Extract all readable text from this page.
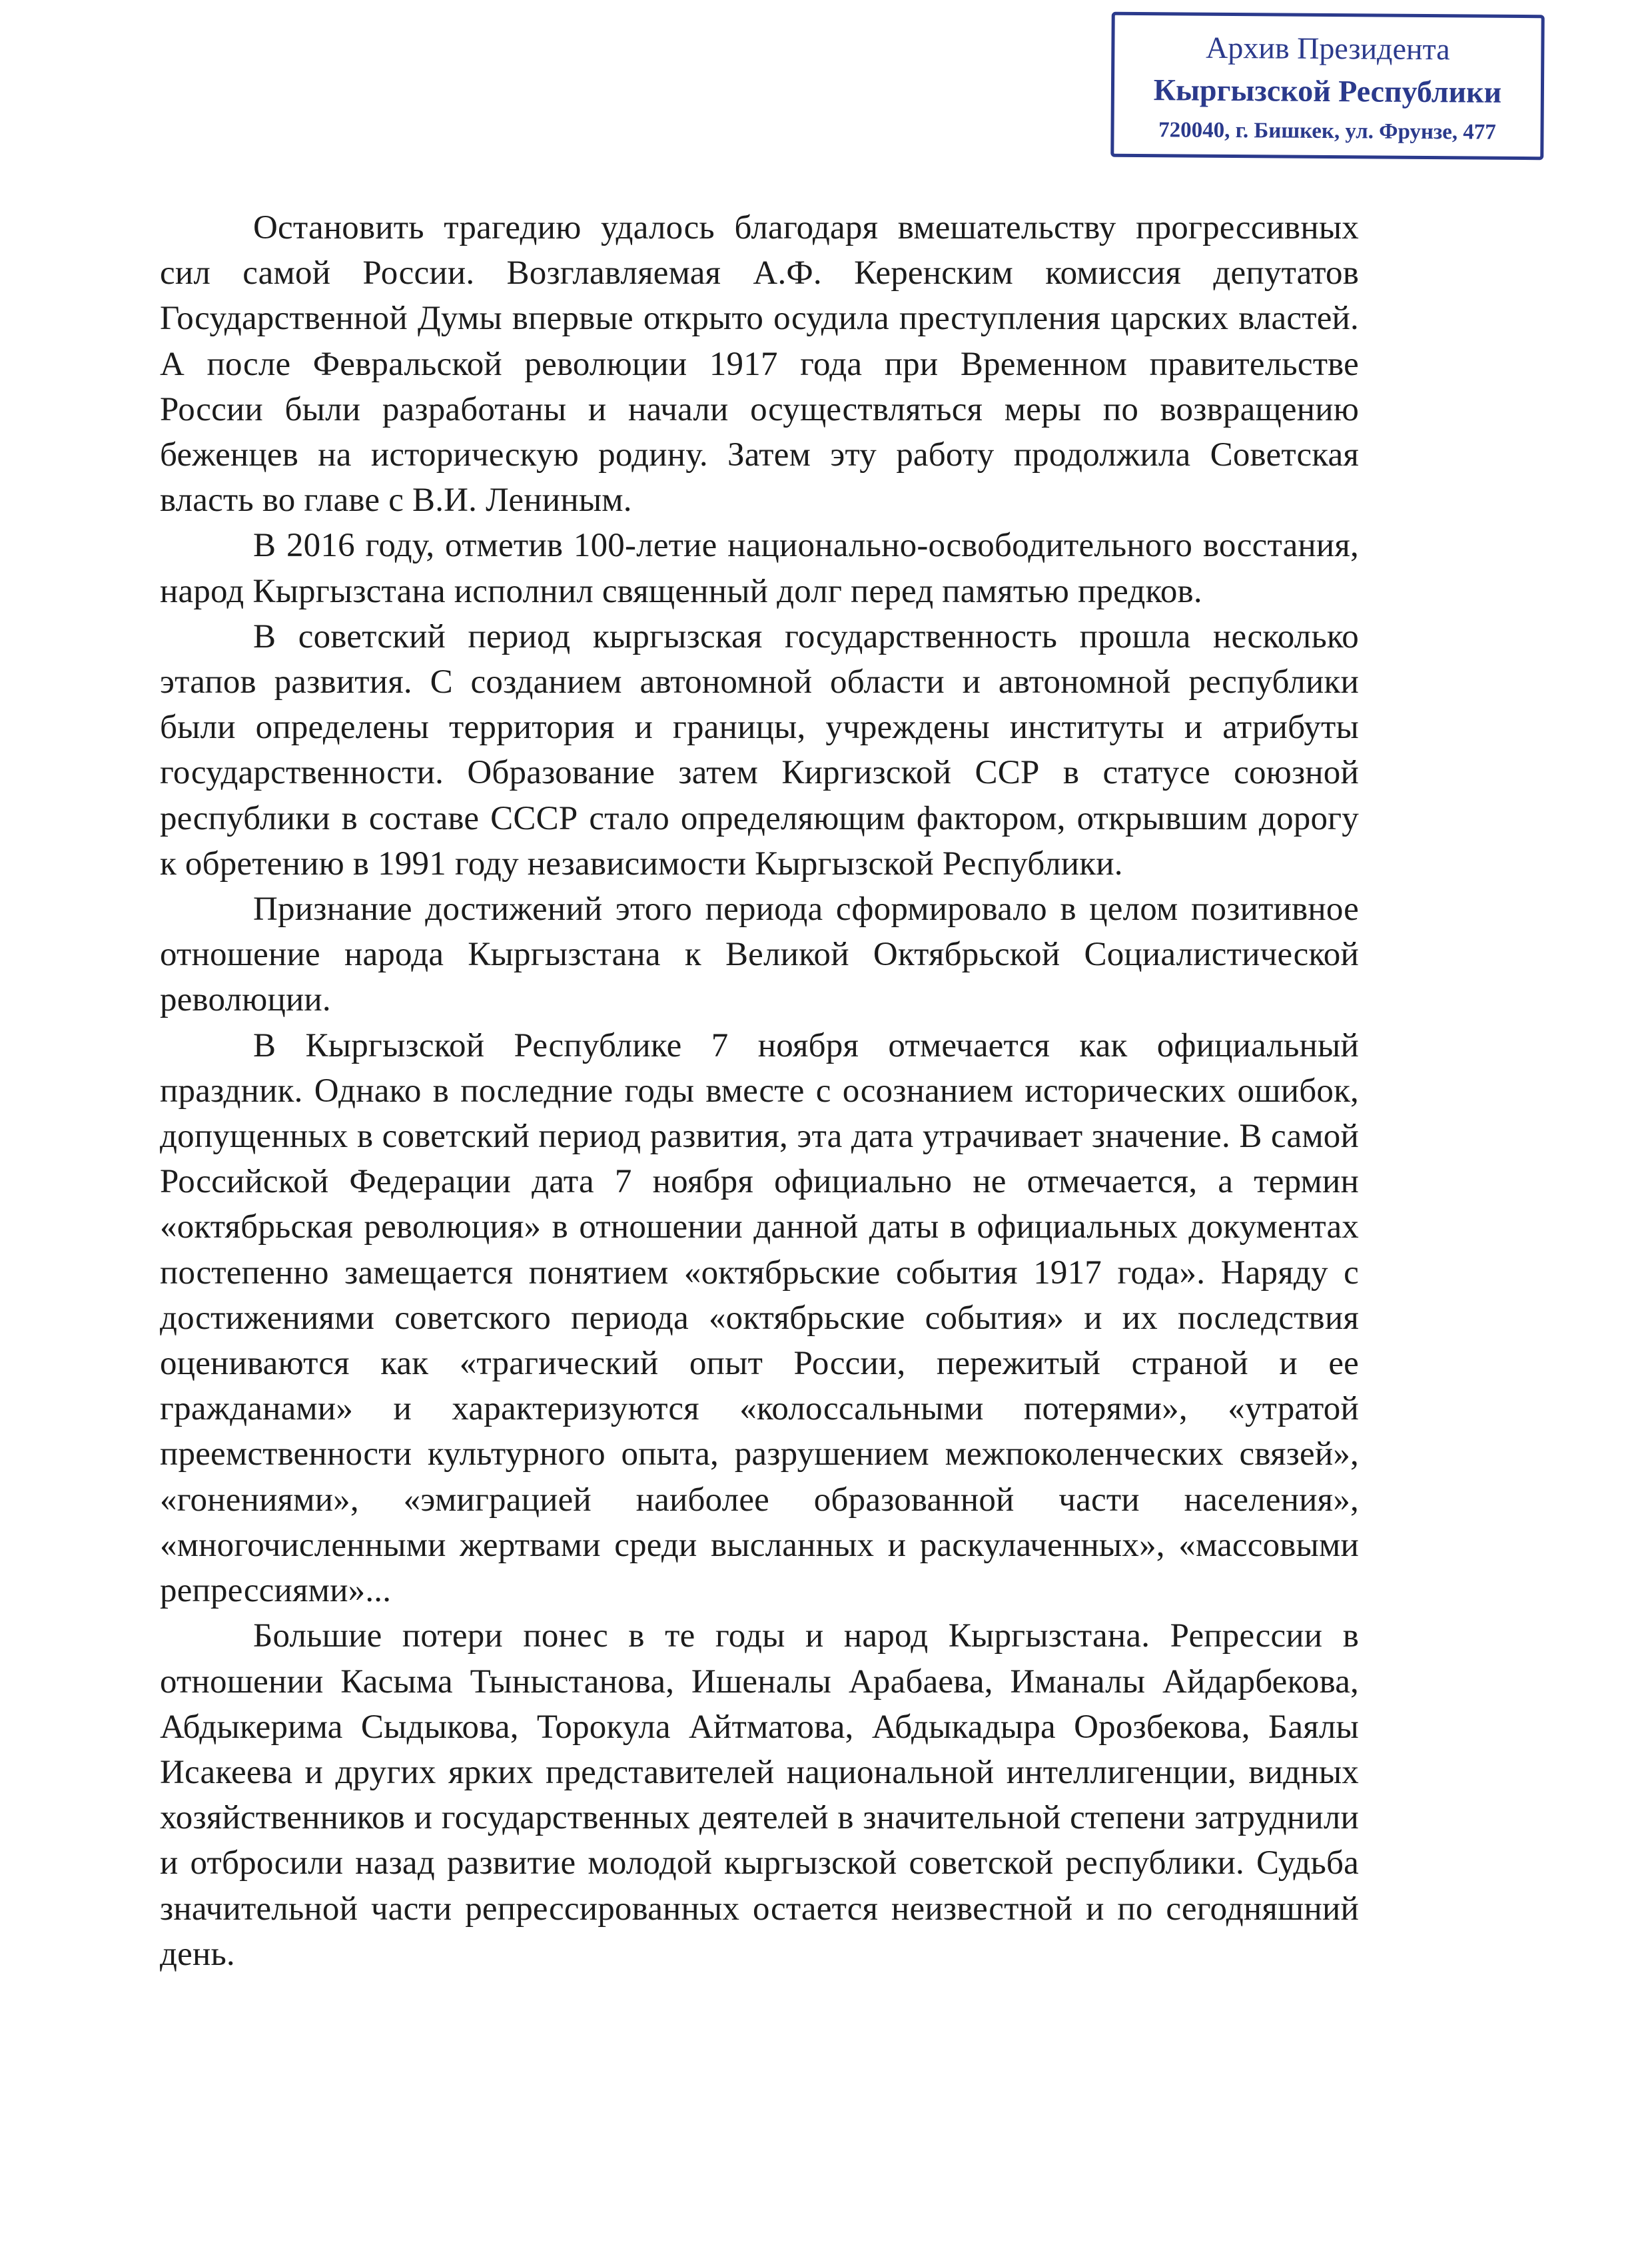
Архив Президента
Кыргызской Республики
720040, г. Бишкек, ул. Фрунзе, 477

Остановить трагедию удалось благодаря вмешательству прогрессивных сил самой России. Возглавляемая А.Ф. Керенским комиссия депутатов Государственной Думы впервые открыто осудила преступления царских властей. А после Февральской революции 1917 года при Временном правительстве России были разработаны и начали осуществляться меры по возвращению беженцев на историческую родину. Затем эту работу продолжила Советская власть во главе с В.И. Лениным.

В 2016 году, отметив 100-летие национально-освободительного восстания, народ Кыргызстана исполнил священный долг перед памятью предков.

В советский период кыргызская государственность прошла несколько этапов развития. С созданием автономной области и автономной республики были определены территория и границы, учреждены институты и атрибуты государственности. Образование затем Киргизской ССР в статусе союзной республики в составе СССР стало определяющим фактором, открывшим дорогу к обретению в 1991 году независимости Кыргызской Республики.

Признание достижений этого периода сформировало в целом позитивное отношение народа Кыргызстана к Великой Октябрьской Социалистической революции.

В Кыргызской Республике 7 ноября отмечается как официальный праздник. Однако в последние годы вместе с осознанием исторических ошибок, допущенных в советский период развития, эта дата утрачивает значение. В самой Российской Федерации дата 7 ноября официально не отмечается, а термин «октябрьская революция» в отношении данной даты в официальных документах постепенно замещается понятием «октябрьские события 1917 года». Наряду с достижениями советского периода «октябрьские события» и их последствия оцениваются как «трагический опыт России, пережитый страной и ее гражданами» и характеризуются «колоссальными потерями», «утратой преемственности культурного опыта, разрушением межпоколенческих связей», «гонениями», «эмиграцией наиболее образованной части населения», «многочисленными жертвами среди высланных и раскулаченных», «массовыми репрессиями»...

Большие потери понес в те годы и народ Кыргызстана. Репрессии в отношении Касыма Тыныстанова, Ишеналы Арабаева, Иманалы Айдарбекова, Абдыкерима Сыдыкова, Торокула Айтматова, Абдыкадыра Орозбекова, Баялы Исакеева и других ярких представителей национальной интеллигенции, видных хозяйственников и государственных деятелей в значительной степени затруднили и отбросили назад развитие молодой кыргызской советской республики. Судьба значительной части репрессированных остается неизвестной и по сегодняшний день.
